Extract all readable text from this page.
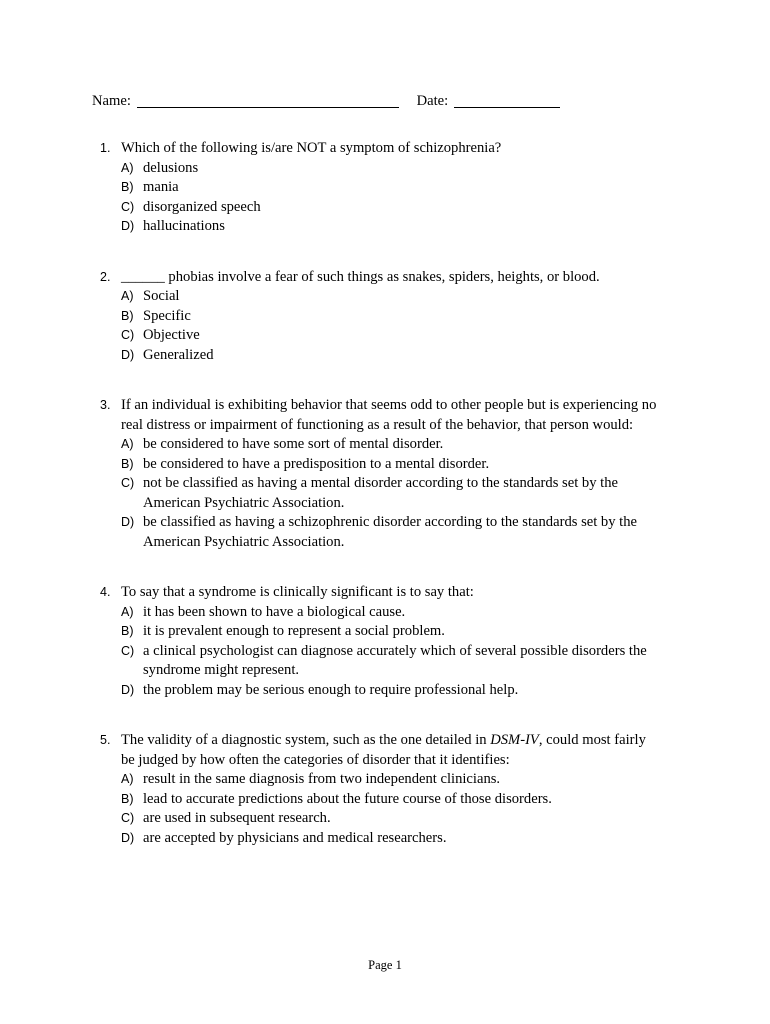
Name:	Date:
1. Which of the following is/are NOT a symptom of schizophrenia?
A) delusions
B) mania
C) disorganized speech
D) hallucinations
2. ______ phobias involve a fear of such things as snakes, spiders, heights, or blood.
A) Social
B) Specific
C) Objective
D) Generalized
3. If an individual is exhibiting behavior that seems odd to other people but is experiencing no
real distress or impairment of functioning as a result of the behavior, that person would:
A) be considered to have some sort of mental disorder.
B) be considered to have a predisposition to a mental disorder.
C) not be classified as having a mental disorder according to the standards set by the
American Psychiatric Association.
D) be classified as having a schizophrenic disorder according to the standards set by the
American Psychiatric Association.
4. To say that a syndrome is clinically significant is to say that:
A) it has been shown to have a biological cause.
B) it is prevalent enough to represent a social problem.
C) a clinical psychologist can diagnose accurately which of several possible disorders the
syndrome might represent.
D) the problem may be serious enough to require professional help.
5. The validity of a diagnostic system, such as the one detailed in DSM-IV, could most fairly
be judged by how often the categories of disorder that it identifies:
A) result in the same diagnosis from two independent clinicians.
B) lead to accurate predictions about the future course of those disorders.
C) are used in subsequent research.
D) are accepted by physicians and medical researchers.
Page 1
